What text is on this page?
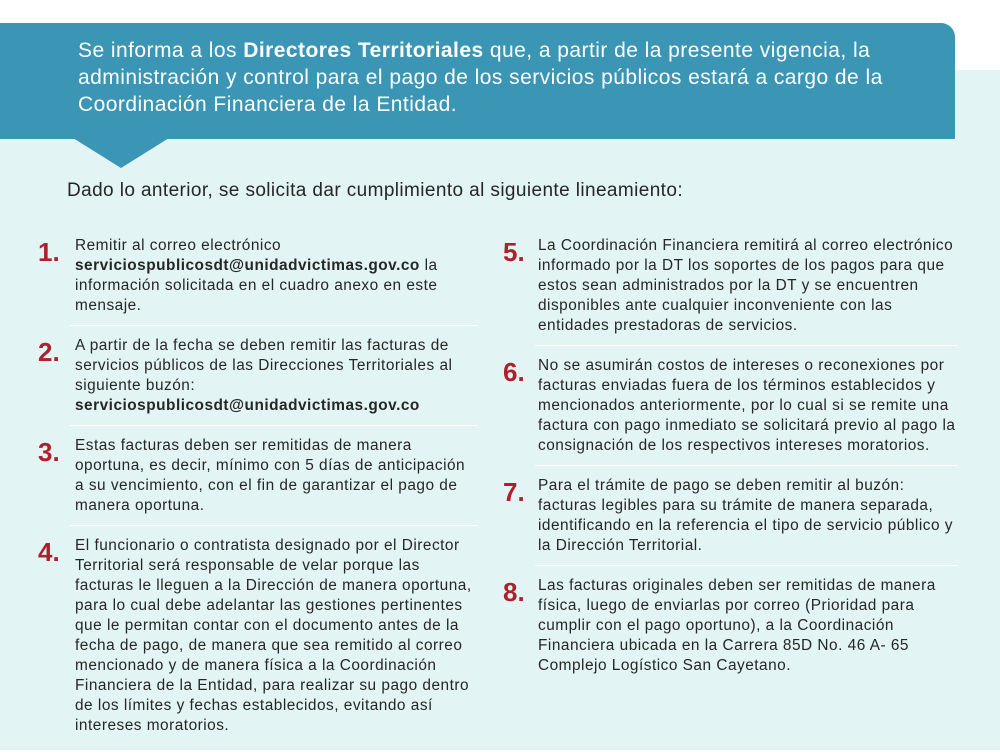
Se informa a los Directores Territoriales que, a partir de la presente vigencia, la administración y control para el pago de los servicios públicos estará a cargo de la Coordinación Financiera de la Entidad.
Dado lo anterior, se solicita dar cumplimiento al siguiente lineamiento:
1. Remitir al correo electrónico
serviciospublicosdt@unidadvictimas.gov.co la información solicitada en el cuadro anexo en este mensaje.
2. A partir de la fecha se deben remitir las facturas de servicios públicos de las Direcciones Territoriales al siguiente buzón:
serviciospublicosdt@unidadvictimas.gov.co
3. Estas facturas deben ser remitidas de manera oportuna, es decir, mínimo con 5 días de anticipación a su vencimiento, con el fin de garantizar el pago de manera oportuna.
4. El funcionario o contratista designado por el Director Territorial será responsable de velar porque las facturas le lleguen a la Dirección de manera oportuna, para lo cual debe adelantar las gestiones pertinentes que le permitan contar con el documento antes de la fecha de pago, de manera que sea remitido al correo mencionado y de manera física a la Coordinación Financiera de la Entidad, para realizar su pago dentro de los límites y fechas establecidos, evitando así intereses moratorios.
5. La Coordinación Financiera remitirá al correo electrónico informado por la DT los soportes de los pagos para que estos sean administrados por la DT y se encuentren disponibles ante cualquier inconveniente con las entidades prestadoras de servicios.
6. No se asumirán costos de intereses o reconexiones por facturas enviadas fuera de los términos establecidos y mencionados anteriormente, por lo cual si se remite una factura con pago inmediato se solicitará previo al pago la consignación de los respectivos intereses moratorios.
7. Para el trámite de pago se deben remitir al buzón: facturas legibles para su trámite de manera separada, identificando en la referencia el tipo de servicio público y la Dirección Territorial.
8. Las facturas originales deben ser remitidas de manera física, luego de enviarlas por correo (Prioridad para cumplir con el pago oportuno), a la Coordinación Financiera ubicada en la Carrera 85D No. 46 A- 65 Complejo Logístico San Cayetano.
